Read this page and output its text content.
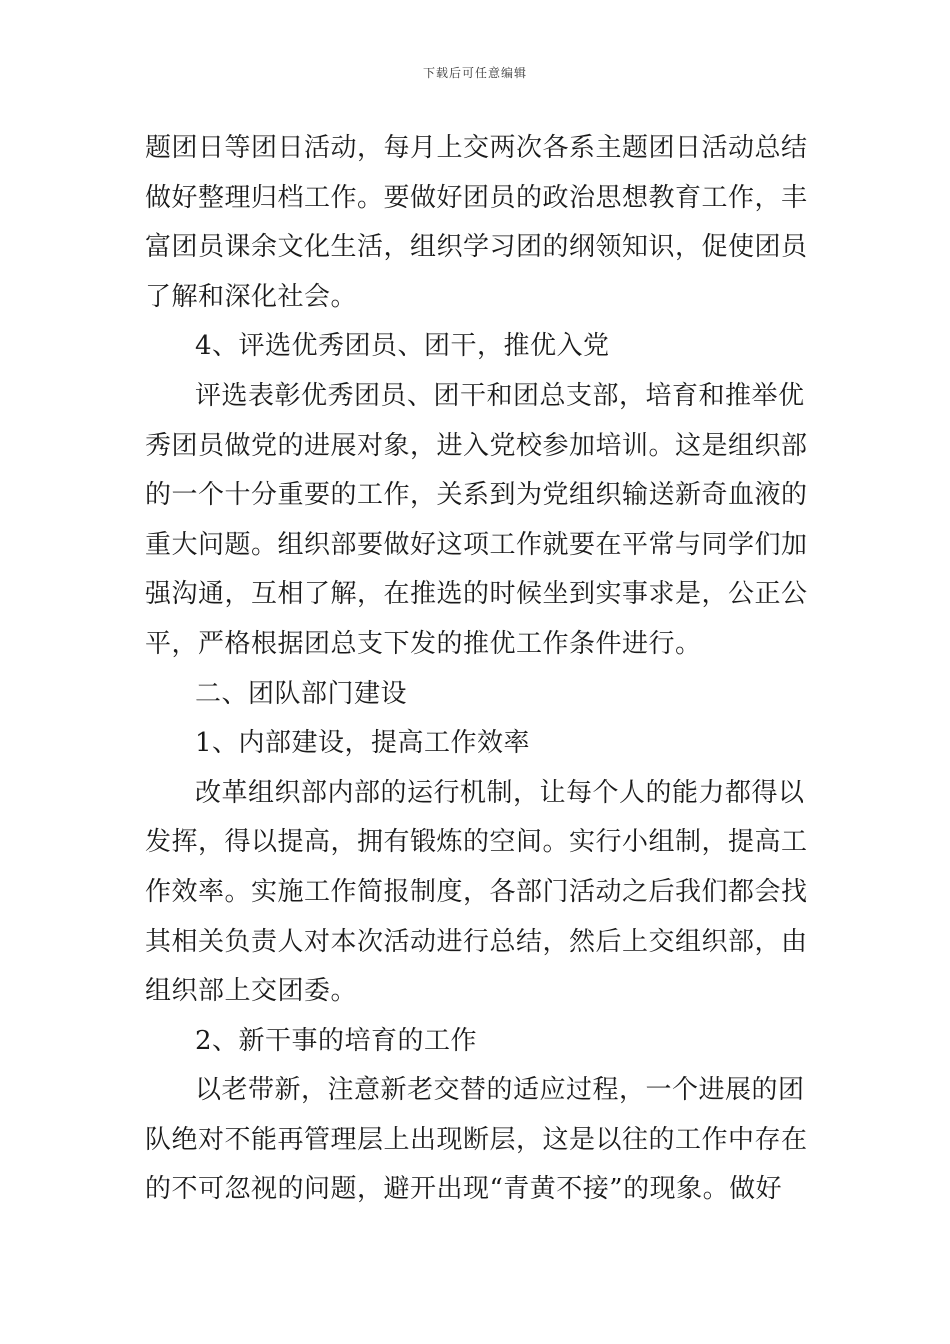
下载后可任意编辑
题团日等团日活动，每月上交两次各系主题团日活动总结
做好整理归档工作。要做好团员的政治思想教育工作，丰
富团员课余文化生活，组织学习团的纲领知识，促使团员
了解和深化社会。
4、评选优秀团员、团干，推优入党
评选表彰优秀团员、团干和团总支部，培育和推举优
秀团员做党的进展对象，进入党校参加培训。这是组织部
的一个十分重要的工作，关系到为党组织输送新奇血液的
重大问题。组织部要做好这项工作就要在平常与同学们加
强沟通，互相了解，在推选的时候坐到实事求是，公正公
平，严格根据团总支下发的推优工作条件进行。
二、团队部门建设
1、内部建设，提高工作效率
改革组织部内部的运行机制，让每个人的能力都得以
发挥，得以提高，拥有锻炼的空间。实行小组制，提高工
作效率。实施工作简报制度，各部门活动之后我们都会找
其相关负责人对本次活动进行总结，然后上交组织部，由
组织部上交团委。
2、新干事的培育的工作
以老带新，注意新老交替的适应过程，一个进展的团
队绝对不能再管理层上出现断层，这是以往的工作中存在
的不可忽视的问题，避开出现“青黄不接”的现象。做好
